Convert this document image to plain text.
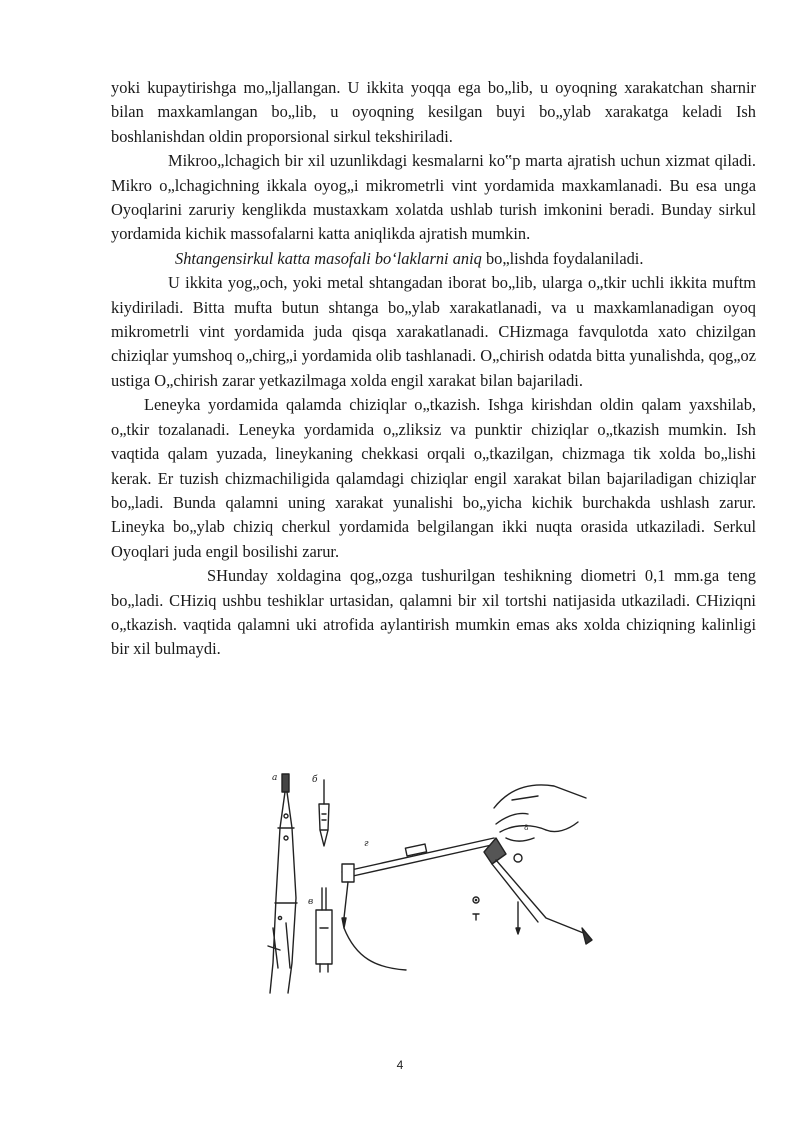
yoki kupaytirishga mo„ljallangan. U ikkita yoqqa ega bo„lib, u oyoqning xarakatchan sharnir bilan maxkamlangan bo„lib, u oyoqning kesilgan buyi bo„ylab xarakatga keladi Ish boshlanishdan oldin proporsional sirkul tekshiriladi.

Mikroo„lchagich bir xil uzunlikdagi kesmalarni ko‟p marta ajratish uchun xizmat qiladi. Mikro o„lchagichning ikkala oyog„i mikrometrli vint yordamida maxkamlanadi. Bu esa unga Oyoqlarini zaruriy kenglikda mustaxkam xolatda ushlab turish imkonini beradi. Bunday sirkul yordamida kichik massofalarni katta aniqlikda ajratish mumkin.

Shtangensirkul katta masofali bo‘laklarni aniq bo„lishda foydalaniladi.

U ikkita yog„och, yoki metal shtangadan iborat bo„lib, ularga o„tkir uchli ikkita muftm kiydiriladi. Bitta mufta butun shtanga bo„ylab xarakatlanadi, va u maxkamlanadigan oyoq mikrometrli vint yordamida juda qisqa xarakatlanadi. CHizmaga favqulotda xato chizilgan chiziqlar yumshoq o„chirg„i yordamida olib tashlanadi. O„chirish odatda bitta yunalishda, qog„oz ustiga O„chirish zarar yetkazilmaga xolda engil xarakat bilan bajariladi.

Leneyka yordamida qalamda chiziqlar o„tkazish. Ishga kirishdan oldin qalam yaxshilab, o„tkir tozalanadi. Leneyka yordamida o„zliksiz va punktir chiziqlar o„tkazish mumkin. Ish vaqtida qalam yuzada, lineykaning chekkasi orqali o„tkazilgan, chizmaga tik xolda bo„lishi kerak. Er tuzish chizmachiligida qalamdagi chiziqlar engil xarakat bilan bajariladigan chiziqlar bo„ladi. Bunda qalamni uning xarakat yunalishi bo„yicha kichik burchakda ushlash zarur. Lineyka bo„ylab chiziq cherkul yordamida belgilangan ikki nuqta orasida utkaziladi. Serkul Oyoqlari juda engil bosilishi zarur.

SHunday xoldagina qog„ozga tushurilgan teshikning diometri 0,1 mm.ga teng bo„ladi. CHiziq ushbu teshiklar urtasidan, qalamni bir xil tortshi natijasida utkaziladi. CHiziqni o„tkazish. vaqtida qalamni uki atrofida aylantirish mumkin emas aks xolda chiziqning kalinligi bir xil bulmaydi.

а	б
в
г
8
4
